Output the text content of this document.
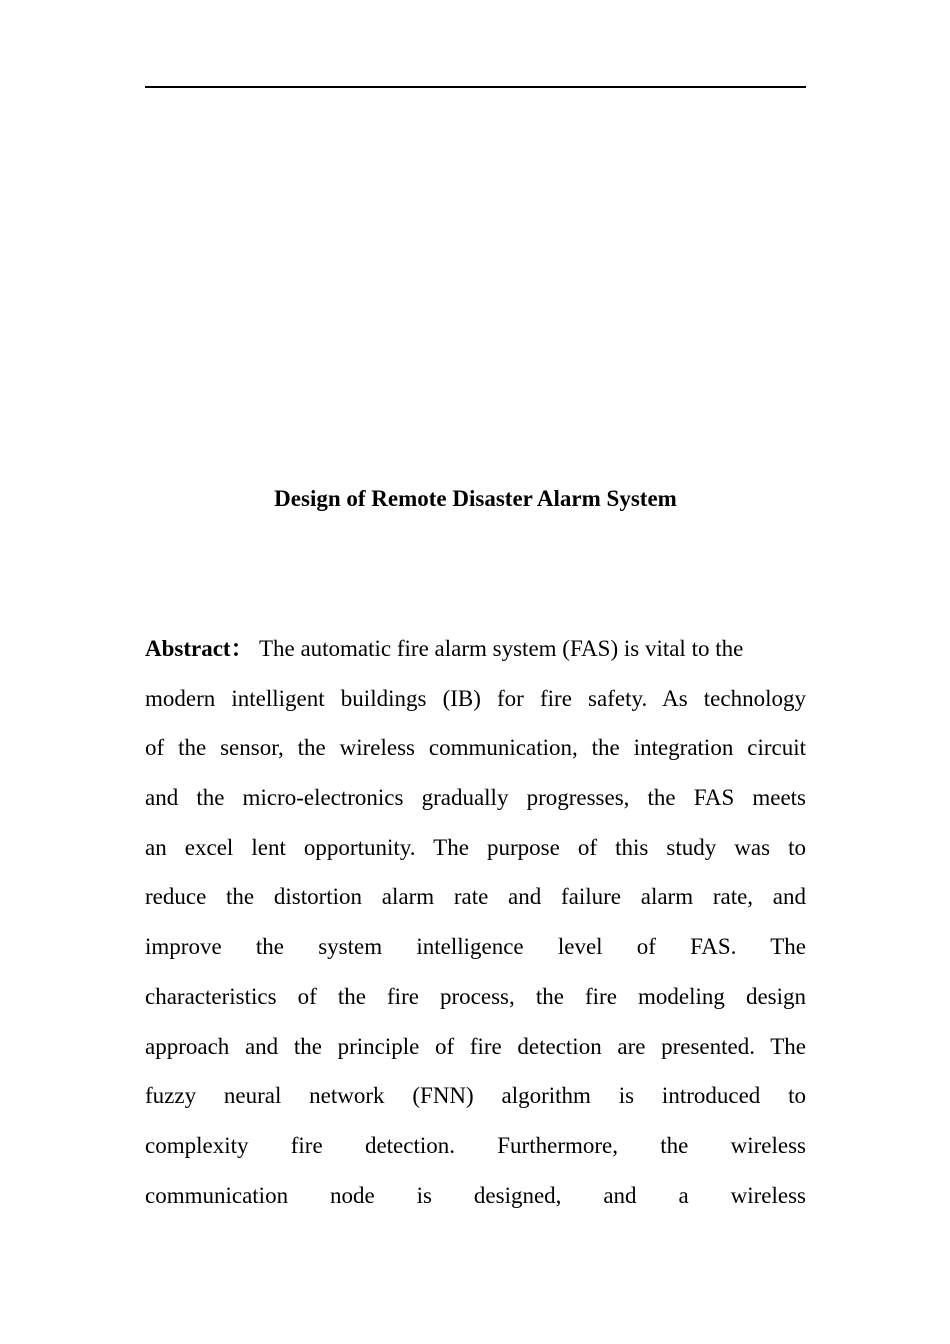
Design of Remote Disaster Alarm System

Abstract： The automatic fire alarm system (FAS) is vital to the

modern intelligent buildings (IB) for fire safety. As technology

of the sensor, the wireless communication, the integration circuit

and the micro-electronics gradually progresses, the FAS meets

an excel lent opportunity. The purpose of this study was to

reduce the distortion alarm rate and failure alarm rate, and

improve the system intelligence level of FAS. The

characteristics of the fire process, the fire modeling design

approach and the principle of fire detection are presented. The

fuzzy neural network (FNN) algorithm is introduced to

complexity fire detection. Furthermore, the wireless

communication node is designed, and a wireless
